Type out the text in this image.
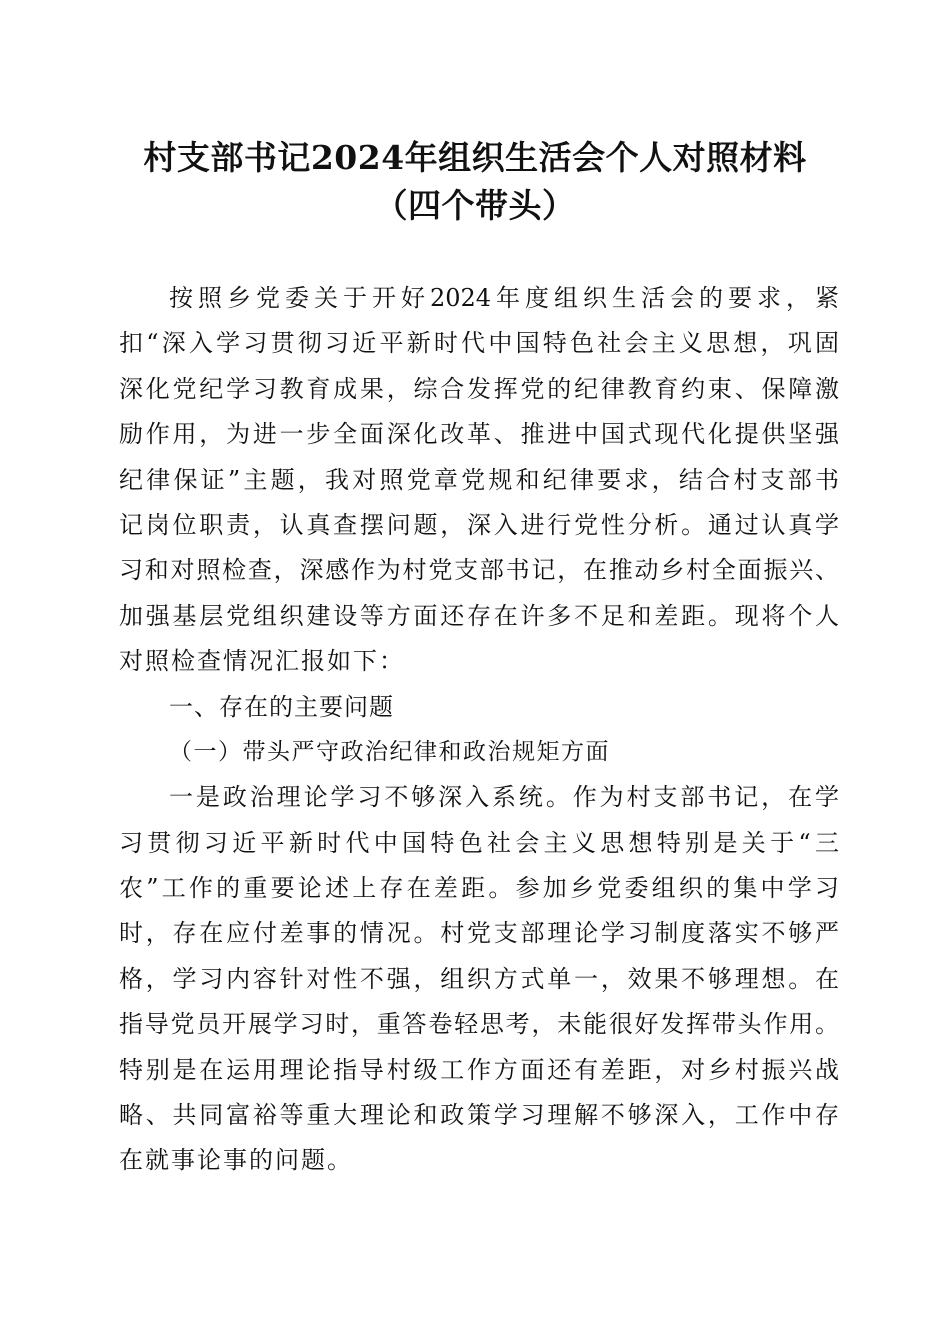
村支部书记2024年组织生活会个人对照材料
（四个带头）
按照乡党委关于开好2024年度组织生活会的要求，紧
扣“深入学习贯彻习近平新时代中国特色社会主义思想，巩固
深化党纪学习教育成果，综合发挥党的纪律教育约束、保障激
励作用，为进一步全面深化改革、推进中国式现代化提供坚强
纪律保证”主题，我对照党章党规和纪律要求，结合村支部书
记岗位职责，认真查摆问题，深入进行党性分析。通过认真学
习和对照检查，深感作为村党支部书记，在推动乡村全面振兴、
加强基层党组织建设等方面还存在许多不足和差距。现将个人
对照检查情况汇报如下：
一、存在的主要问题
（一）带头严守政治纪律和政治规矩方面
一是政治理论学习不够深入系统。作为村支部书记，在学
习贯彻习近平新时代中国特色社会主义思想特别是关于“三
农”工作的重要论述上存在差距。参加乡党委组织的集中学习
时，存在应付差事的情况。村党支部理论学习制度落实不够严
格，学习内容针对性不强，组织方式单一，效果不够理想。在
指导党员开展学习时，重答卷轻思考，未能很好发挥带头作用。
特别是在运用理论指导村级工作方面还有差距，对乡村振兴战
略、共同富裕等重大理论和政策学习理解不够深入，工作中存
在就事论事的问题。
